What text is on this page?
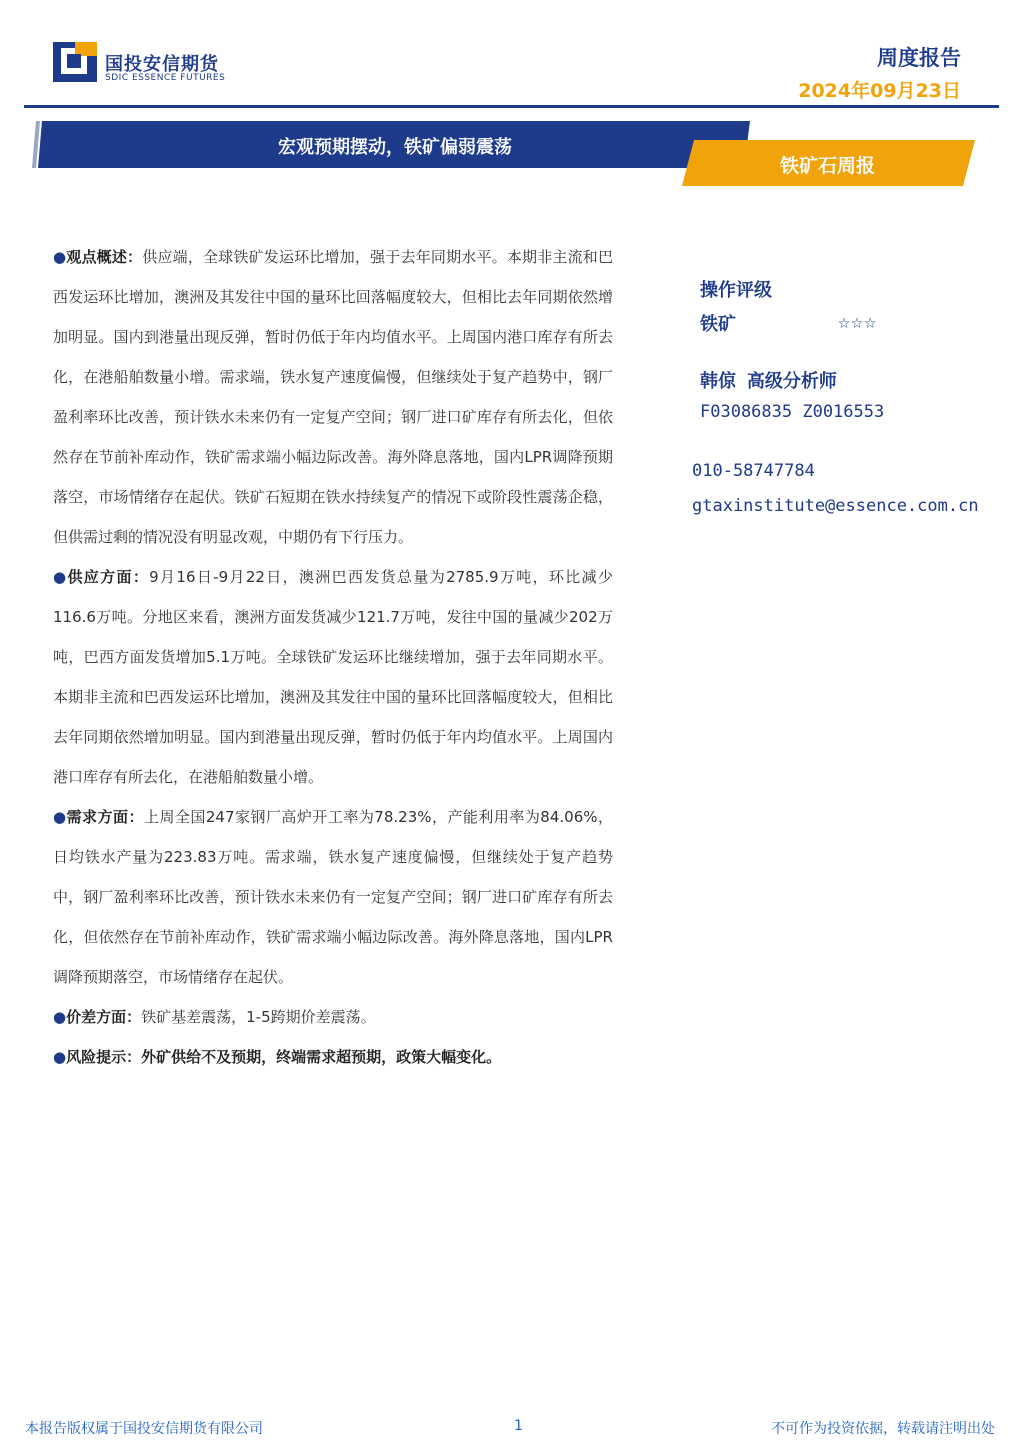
国投安信期货
SDIC ESSENCE FUTURES
周度报告
2024年09月23日
宏观预期摆动，铁矿偏弱震荡
铁矿石周报

●观点概述：供应端，全球铁矿发运环比增加，强于去年同期水平。本期非主流和巴西发运环比增加，澳洲及其发往中国的量环比回落幅度较大，但相比去年同期依然增加明显。国内到港量出现反弹，暂时仍低于年内均值水平。上周国内港口库存有所去化，在港船舶数量小增。需求端，铁水复产速度偏慢，但继续处于复产趋势中，钢厂盈利率环比改善，预计铁水未来仍有一定复产空间；钢厂进口矿库存有所去化，但依然存在节前补库动作，铁矿需求端小幅边际改善。海外降息落地，国内LPR调降预期落空，市场情绪存在起伏。铁矿石短期在铁水持续复产的情况下或阶段性震荡企稳，但供需过剩的情况没有明显改观，中期仍有下行压力。

●供应方面：9月16日-9月22日，澳洲巴西发货总量为2785.9万吨，环比减少116.6万吨。分地区来看，澳洲方面发货减少121.7万吨，发往中国的量减少202万吨，巴西方面发货增加5.1万吨。全球铁矿发运环比继续增加，强于去年同期水平。本期非主流和巴西发运环比增加，澳洲及其发往中国的量环比回落幅度较大，但相比去年同期依然增加明显。国内到港量出现反弹，暂时仍低于年内均值水平。上周国内港口库存有所去化，在港船舶数量小增。

●需求方面：上周全国247家钢厂高炉开工率为78.23%，产能利用率为84.06%，日均铁水产量为223.83万吨。需求端，铁水复产速度偏慢，但继续处于复产趋势中，钢厂盈利率环比改善，预计铁水未来仍有一定复产空间；钢厂进口矿库存有所去化，但依然存在节前补库动作，铁矿需求端小幅边际改善。海外降息落地，国内LPR调降预期落空，市场情绪存在起伏。

●价差方面：铁矿基差震荡，1-5跨期价差震荡。

●风险提示：外矿供给不及预期，终端需求超预期，政策大幅变化。

操作评级
铁矿	☆☆☆
韩倞 高级分析师
F03086835 Z0016553
010-58747784
gtaxinstitute@essence.com.cn
本报告版权属于国投安信期货有限公司	1	不可作为投资依据，转载请注明出处
